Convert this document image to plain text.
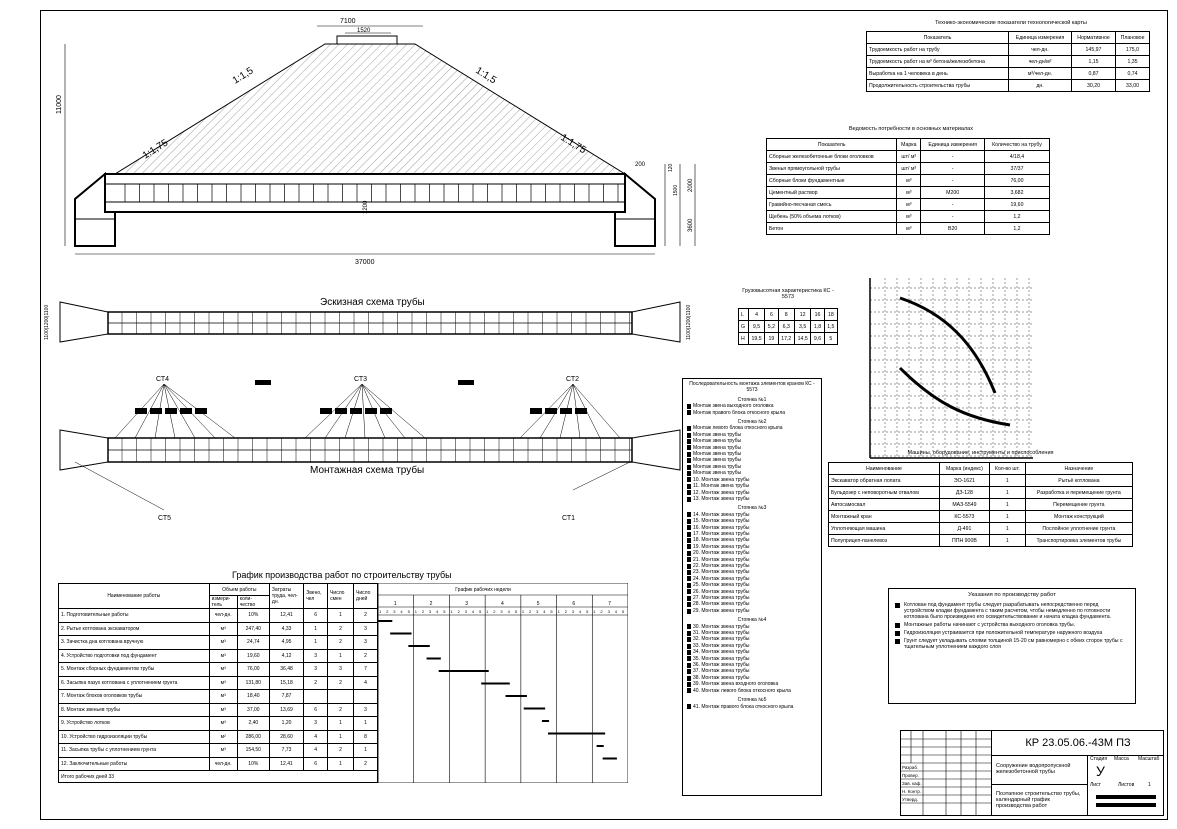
7100
1520
11000
1:1,5	1:1,5
1:1,75	1:1,75
37000
1200
200	120
1500 2000
3600
Эскизная схема трубы
1100|1200|1100	1100|1200|1100
СТ4	СТ3	СТ2
СТ5	СТ1
Монтажная схема трубы
Технико-экономические показатели технологической карты
Показатель	Единица измерения	Нормативное	Плановое
Трудоемкость работ на трубу	чел-дн.	145,97	175,0
Трудоемкость работ на м³ бетона/железобетона	чел-дн/м³	1,15	1,35
Выработка на 1 человека в день	м³/чел-дн.	0,87	0,74
Продолжительность строительства трубы	дн.	30,20	33,00
Ведомость потребности в основных материалах
Показатель	Марка	Единица измерения	Количество на трубу
Сборные железобетонные блоки оголовков	шт/ м³	-	4/18,4
Звенья прямоугольной трубы	шт/ м³	-	37/37
Сборные блоки фундаментные	м³	-	76,00
Цементный раствор	м³	М200	3,682
Гравийно-песчаная смесь	м³	-	19,60
Щебень (50% объема лотков)	м³	-	1,2
Бетон	м³	В20	1,2
Грузовысотная характеристика КС - 5573
L	4	6	8	12	16	18
G	9,5	5,2	6,3	3,5	1,8	1,5
H	19,5	19	17,2	14,5	9,6	5
Машины, оборудование, инструменты и приспособления
Наименование	Марка (индекс)	Кол-во шт.	Назначение
Экскаватор обратная лопата	ЭО-1621	1	Рытьё котлована
Бульдозер с неповоротным отвалом	ДЗ-128	1	Разработка и перемещение грунта
Автосамосвал	МАЗ-5549	1	Перемещение грунта
Монтажный кран	КС-5573	1	Монтаж конструкций
Уплотняющая машина	Д-491	1	Послойное уплотнение грунта
Полуприцеп-панелевоз	ППН 900В	1	Транспортировка элементов трубы
Последовательность монтажа элементов краном КС - 5573
Стоянка №1
Монтаж звена выходного оголовка
Монтаж правого блока откосного крыла
Стоянка №2
Монтаж левого блока откосного крыла
Монтаж звена трубы
Монтаж звена трубы
Монтаж звена трубы
Монтаж звена трубы
Монтаж звена трубы
Монтаж звена трубы
Монтаж звена трубы
10. Монтаж звена трубы
11. Монтаж звена трубы
12. Монтаж звена трубы
13. Монтаж звена трубы
Стоянка №3
14. Монтаж звена трубы
15. Монтаж звена трубы
16. Монтаж звена трубы
17. Монтаж звена трубы
18. Монтаж звена трубы
19. Монтаж звена трубы
20. Монтаж звена трубы
21. Монтаж звена трубы
22. Монтаж звена трубы
23. Монтаж звена трубы
24. Монтаж звена трубы
25. Монтаж звена трубы
26. Монтаж звена трубы
27. Монтаж звена трубы
28. Монтаж звена трубы
29. Монтаж звена трубы
Стоянка №4
30. Монтаж звена трубы
31. Монтаж звена трубы
32. Монтаж звена трубы
33. Монтаж звена трубы
34. Монтаж звена трубы
35. Монтаж звена трубы
36. Монтаж звена трубы
37. Монтаж звена трубы
38. Монтаж звена трубы
39. Монтаж звена входного оголовка
40. Монтаж левого блока откосного крыла
Стоянка №5
41. Монтаж правого блока откосного крыла
Указания по производству работ
Котлован под фундамент трубы следует разрабатывать непосредственно перед устройством кладки фундамента с таким расчетом, чтобы немедленно по готовности котлована было произведено его освидетельствование и начата кладка фундамента.
Монтажные работы начинают с устройства выходного оголовка трубы.
Гидроизоляция устраивается при положительной температуре наружного воздуха
Грунт следует укладывать слоями толщиной 15-20 см равномерно с обеих сторон трубы с тщательным уплотнением каждого слоя
График производства работ по строительству трубы
Наименование работы	Объем работы		Затраты труда, чел-дн.	Звено, чел	Число смен	Число дней
	измери-тель	коли-чество				
1. Подготовительные работы	чел-дн.	10%	12,41	6	1	2
2. Рытье котлована экскаватором	м³	247,40	4,33	1	2	3
3. Зачистка дна котлована вручную	м³	24,74	4,95	1	2	3
4. Устройство подготовки под фундамент	м³	19,60	4,12	3	1	2
5. Монтаж сборных фундаментов трубы	м³	76,00	36,48	3	3	7
6. Засыпка пазух котлована с уплотнением грунта	м³	131,80	15,18	2	2	4
7. Монтаж блоков оголовков трубы	м³	18,40	7,87			
8. Монтаж звеньев трубы	м³	37,00	13,69	6	2	3
9. Устройство лотков	м³	2,40	1,20	3	1	1
10. Устройство гидроизоляции трубы	м²	286,00	28,60	4	1	8
11. Засыпка трубы с уплотнением грунта	м³	154,50	7,73	4	2	1
12. Заключительные работы	чел-дн.	10%	12,41	6	1	2
Итого рабочих дней 33						
1
1 2 3 4 5
2
1 2 3 4 5
3
1 2 3 4 5
4
1 2 3 4 5
5
1 2 3 4 5
6
1 2 3 4 5
7
1 2 3 4 5
График рабочих недели
Разраб.
Провер.
Зав. каф.
Н. Контр.
Утверд.
КР 23.05.06.-43М ПЗ
Сооружение водопропускной железобетонной трубы
Поэтапное строительство трубы, календарный график производства работ
Стадия Масса Масштаб
У
Лист	Листов	1
